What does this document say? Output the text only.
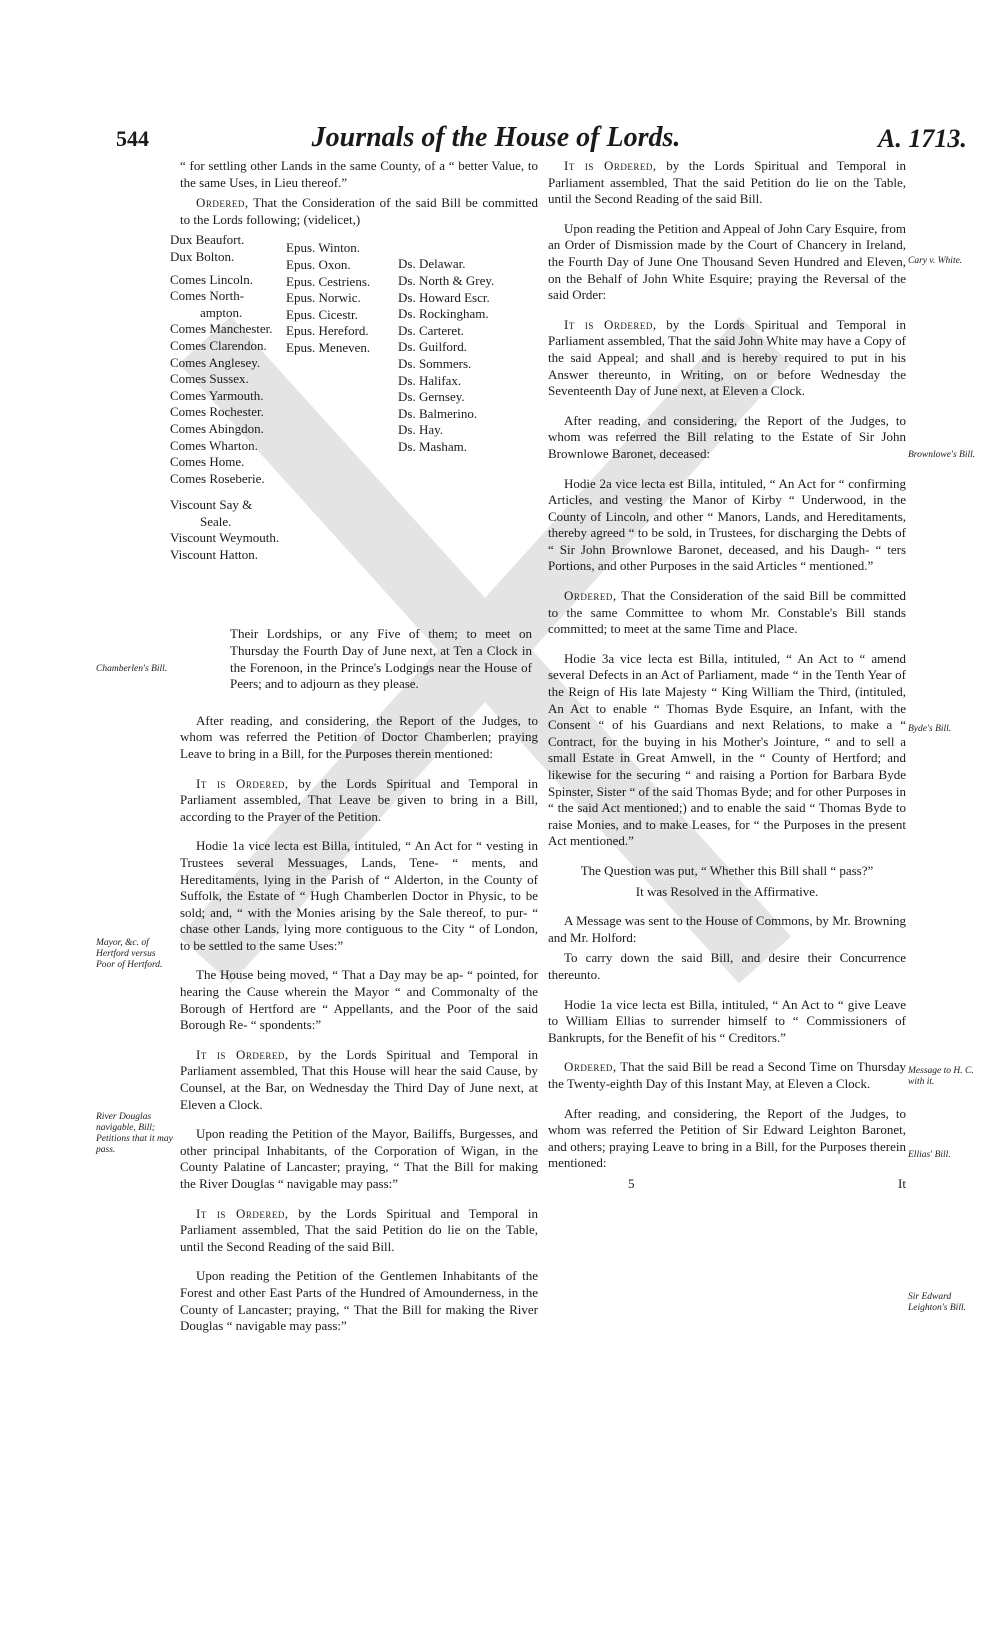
544	Journals of the House of Lords.	A. 1713.

“ for settling other Lands in the same County, of a “ better Value, to the same Uses, in Lieu thereof.”

Ordered, That the Consideration of the said Bill be committed to the Lords following; (videlicet,)

Dux Beaufort.
Dux Bolton.
Comes Lincoln.
Comes North-
ampton.
Comes Manchester.
Comes Clarendon.
Comes Anglesey.
Comes Sussex.
Comes Yarmouth.
Comes Rochester.
Comes Abingdon.
Comes Wharton.
Comes Home.
Comes Roseberie.
Viscount Say &
Seale.
Viscount Weymouth.
Viscount Hatton.
Epus. Winton.
Epus. Oxon.
Epus. Cestriens.
Epus. Norwic.
Epus. Cicestr.
Epus. Hereford.
Epus. Meneven.
Ds. Delawar.
Ds. North & Grey.
Ds. Howard Escr.
Ds. Rockingham.
Ds. Carteret.
Ds. Guilford.
Ds. Sommers.
Ds. Halifax.
Ds. Gernsey.
Ds. Balmerino.
Ds. Hay.
Ds. Masham.

Their Lordships, or any Five of them; to meet on Thursday the Fourth Day of June next, at Ten a Clock in the Forenoon, in the Prince's Lodgings near the House of Peers; and to adjourn as they please.

After reading, and considering, the Report of the Judges, to whom was referred the Petition of Doctor Chamberlen; praying Leave to bring in a Bill, for the Purposes therein mentioned:

It is Ordered, by the Lords Spiritual and Temporal in Parliament assembled, That Leave be given to bring in a Bill, according to the Prayer of the Petition.

Hodie 1a vice lecta est Billa, intituled, “ An Act for “ vesting in Trustees several Messuages, Lands, Tene- “ ments, and Hereditaments, lying in the Parish of “ Alderton, in the County of Suffolk, the Estate of “ Hugh Chamberlen Doctor in Physic, to be sold; and, “ with the Monies arising by the Sale thereof, to pur- “ chase other Lands, lying more contiguous to the City “ of London, to be settled to the same Uses:”

The House being moved, “ That a Day may be ap- “ pointed, for hearing the Cause wherein the Mayor “ and Commonalty of the Borough of Hertford are “ Appellants, and the Poor of the said Borough Re- “ spondents:”

It is Ordered, by the Lords Spiritual and Temporal in Parliament assembled, That this House will hear the said Cause, by Counsel, at the Bar, on Wednesday the Third Day of June next, at Eleven a Clock.

Upon reading the Petition of the Mayor, Bailiffs, Burgesses, and other principal Inhabitants, of the Corporation of Wigan, in the County Palatine of Lancaster; praying, “ That the Bill for making the River Douglas “ navigable may pass:”

It is Ordered, by the Lords Spiritual and Temporal in Parliament assembled, That the said Petition do lie on the Table, until the Second Reading of the said Bill.

Upon reading the Petition of the Gentlemen Inhabitants of the Forest and other East Parts of the Hundred of Amounderness, in the County of Lancaster; praying, “ That the Bill for making the River Douglas “ navigable may pass:”

It is Ordered, by the Lords Spiritual and Temporal in Parliament assembled, That the said Petition do lie on the Table, until the Second Reading of the said Bill.

Upon reading the Petition and Appeal of John Cary Esquire, from an Order of Dismission made by the Court of Chancery in Ireland, the Fourth Day of June One Thousand Seven Hundred and Eleven, on the Behalf of John White Esquire; praying the Reversal of the said Order:

It is Ordered, by the Lords Spiritual and Temporal in Parliament assembled, That the said John White may have a Copy of the said Appeal; and shall and is hereby required to put in his Answer thereunto, in Writing, on or before Wednesday the Seventeenth Day of June next, at Eleven a Clock.

After reading, and considering, the Report of the Judges, to whom was referred the Bill relating to the Estate of Sir John Brownlowe Baronet, deceased:

Hodie 2a vice lecta est Billa, intituled, “ An Act for “ confirming Articles, and vesting the Manor of Kirby “ Underwood, in the County of Lincoln, and other “ Manors, Lands, and Hereditaments, thereby agreed “ to be sold, in Trustees, for discharging the Debts of “ Sir John Brownlowe Baronet, deceased, and his Daugh- “ ters Portions, and other Purposes in the said Articles “ mentioned.”

Ordered, That the Consideration of the said Bill be committed to the same Committee to whom Mr. Constable's Bill stands committed; to meet at the same Time and Place.

Hodie 3a vice lecta est Billa, intituled, “ An Act to “ amend several Defects in an Act of Parliament, made “ in the Tenth Year of the Reign of His late Majesty “ King William the Third, (intituled, An Act to enable “ Thomas Byde Esquire, an Infant, with the Consent “ of his Guardians and next Relations, to make a “ Contract, for the buying in his Mother's Jointure, “ and to sell a small Estate in Great Amwell, in the “ County of Hertford; and likewise for the securing “ and raising a Portion for Barbara Byde Spinster, Sister “ of the said Thomas Byde; and for other Purposes in “ the said Act mentioned;) and to enable the said “ Thomas Byde to raise Monies, and to make Leases, for “ the Purposes in the present Act mentioned.”

The Question was put, “ Whether this Bill shall “ pass?”

It was Resolved in the Affirmative.

A Message was sent to the House of Commons, by Mr. Browning and Mr. Holford:

To carry down the said Bill, and desire their Concurrence thereunto.

Hodie 1a vice lecta est Billa, intituled, “ An Act to “ give Leave to William Ellias to surrender himself to “ Commissioners of Bankrupts, for the Benefit of his “ Creditors.”

Ordered, That the said Bill be read a Second Time on Thursday the Twenty-eighth Day of this Instant May, at Eleven a Clock.

After reading, and considering, the Report of the Judges, to whom was referred the Petition of Sir Edward Leighton Baronet, and others; praying Leave to bring in a Bill, for the Purposes therein mentioned:

5	It
Chamberlen's Bill.
Mayor, &c. of Hertford versus Poor of Hertford.
River Douglas navigable, Bill; Petitions that it may pass.
Cary v. White.
Brownlowe's Bill.
Byde's Bill.
Message to H. C. with it.
Ellias' Bill.
Sir Edward Leighton's Bill.
